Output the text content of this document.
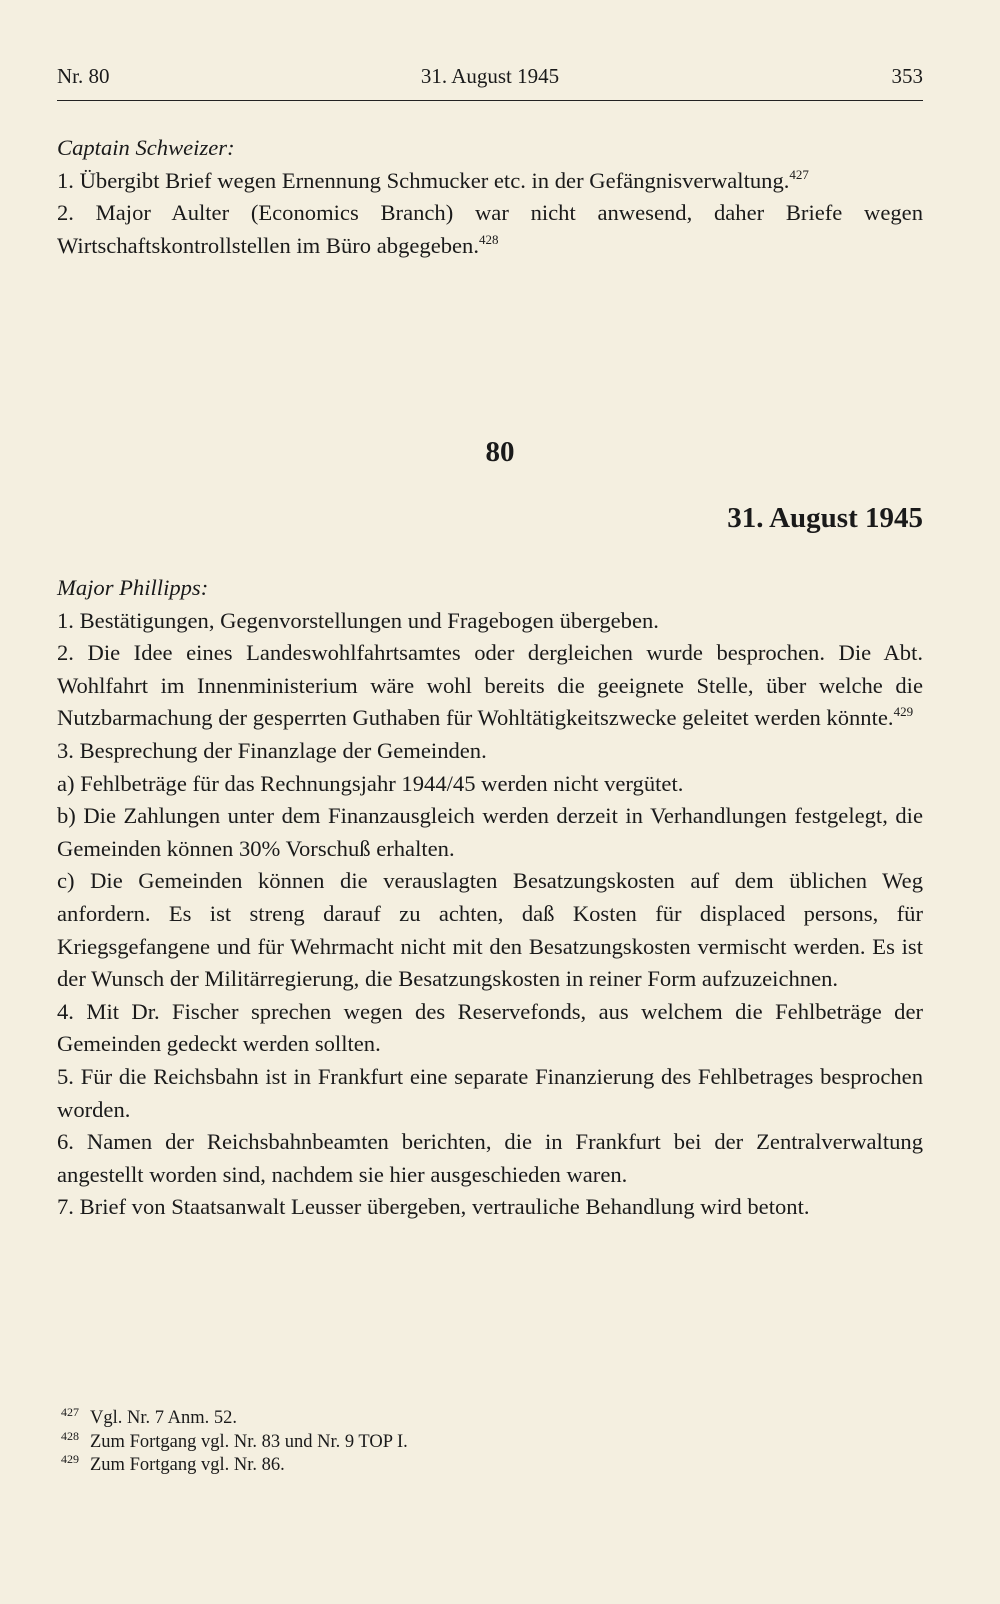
Nr. 80	31. August 1945	353

Captain Schweizer:

1. Übergibt Brief wegen Ernennung Schmucker etc. in der Gefängnisverwaltung.$^{427}$

2. Major Aulter (Economics Branch) war nicht anwesend, daher Briefe wegen Wirtschaftskontrollstellen im Büro abgegeben.$^{428}$

80
31. August 1945

Major Phillipps:

1. Bestätigungen, Gegenvorstellungen und Fragebogen übergeben.

2. Die Idee eines Landeswohlfahrtsamtes oder dergleichen wurde besprochen. Die Abt. Wohlfahrt im Innenministerium wäre wohl bereits die geeignete Stelle, über welche die Nutzbarmachung der gesperrten Guthaben für Wohltätigkeitszwecke geleitet werden könnte.$^{429}$

3. Besprechung der Finanzlage der Gemeinden.

a) Fehlbeträge für das Rechnungsjahr 1944/45 werden nicht vergütet.

b) Die Zahlungen unter dem Finanzausgleich werden derzeit in Verhandlungen festgelegt, die Gemeinden können 30% Vorschuß erhalten.

c) Die Gemeinden können die verauslagten Besatzungskosten auf dem üblichen Weg anfordern. Es ist streng darauf zu achten, daß Kosten für displaced persons, für Kriegsgefangene und für Wehrmacht nicht mit den Besatzungskosten vermischt werden. Es ist der Wunsch der Militärregierung, die Besatzungskosten in reiner Form aufzuzeichnen.

4. Mit Dr. Fischer sprechen wegen des Reservefonds, aus welchem die Fehlbeträge der Gemeinden gedeckt werden sollten.

5. Für die Reichsbahn ist in Frankfurt eine separate Finanzierung des Fehlbetrages besprochen worden.

6. Namen der Reichsbahnbeamten berichten, die in Frankfurt bei der Zentralverwaltung angestellt worden sind, nachdem sie hier ausgeschieden waren.

7. Brief von Staatsanwalt Leusser übergeben, vertrauliche Behandlung wird betont.

427 Vgl. Nr. 7 Anm. 52.

428 Zum Fortgang vgl. Nr. 83 und Nr. 9 TOP I.

429 Zum Fortgang vgl. Nr. 86.
